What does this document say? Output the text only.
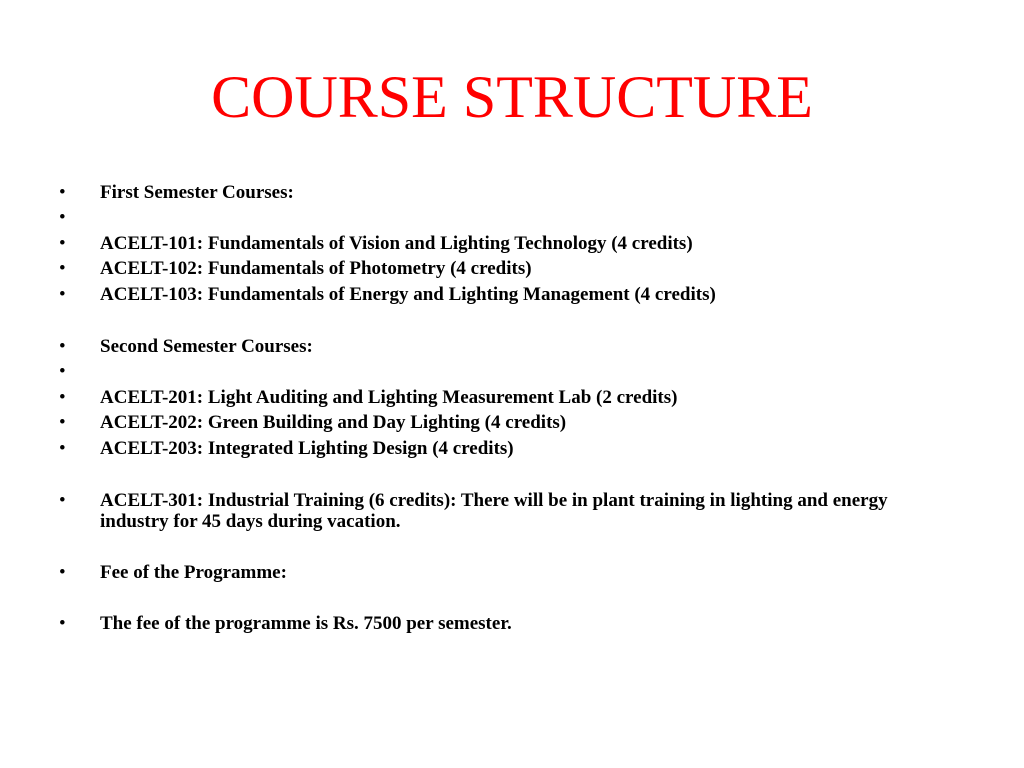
COURSE STRUCTURE
• First Semester Courses:
•
• ACELT-101: Fundamentals of Vision and Lighting Technology (4 credits)
• ACELT-102: Fundamentals of Photometry (4 credits)
• ACELT-103: Fundamentals of Energy and Lighting Management (4 credits)
• Second Semester Courses:
•
• ACELT-201: Light Auditing and Lighting Measurement Lab (2 credits)
• ACELT-202: Green Building and Day Lighting (4 credits)
• ACELT-203: Integrated Lighting Design (4 credits)
• ACELT-301: Industrial Training (6 credits): There will be in plant training in lighting and energy industry for 45 days during vacation.
• Fee of the Programme:
• The fee of the programme is Rs. 7500 per semester.
